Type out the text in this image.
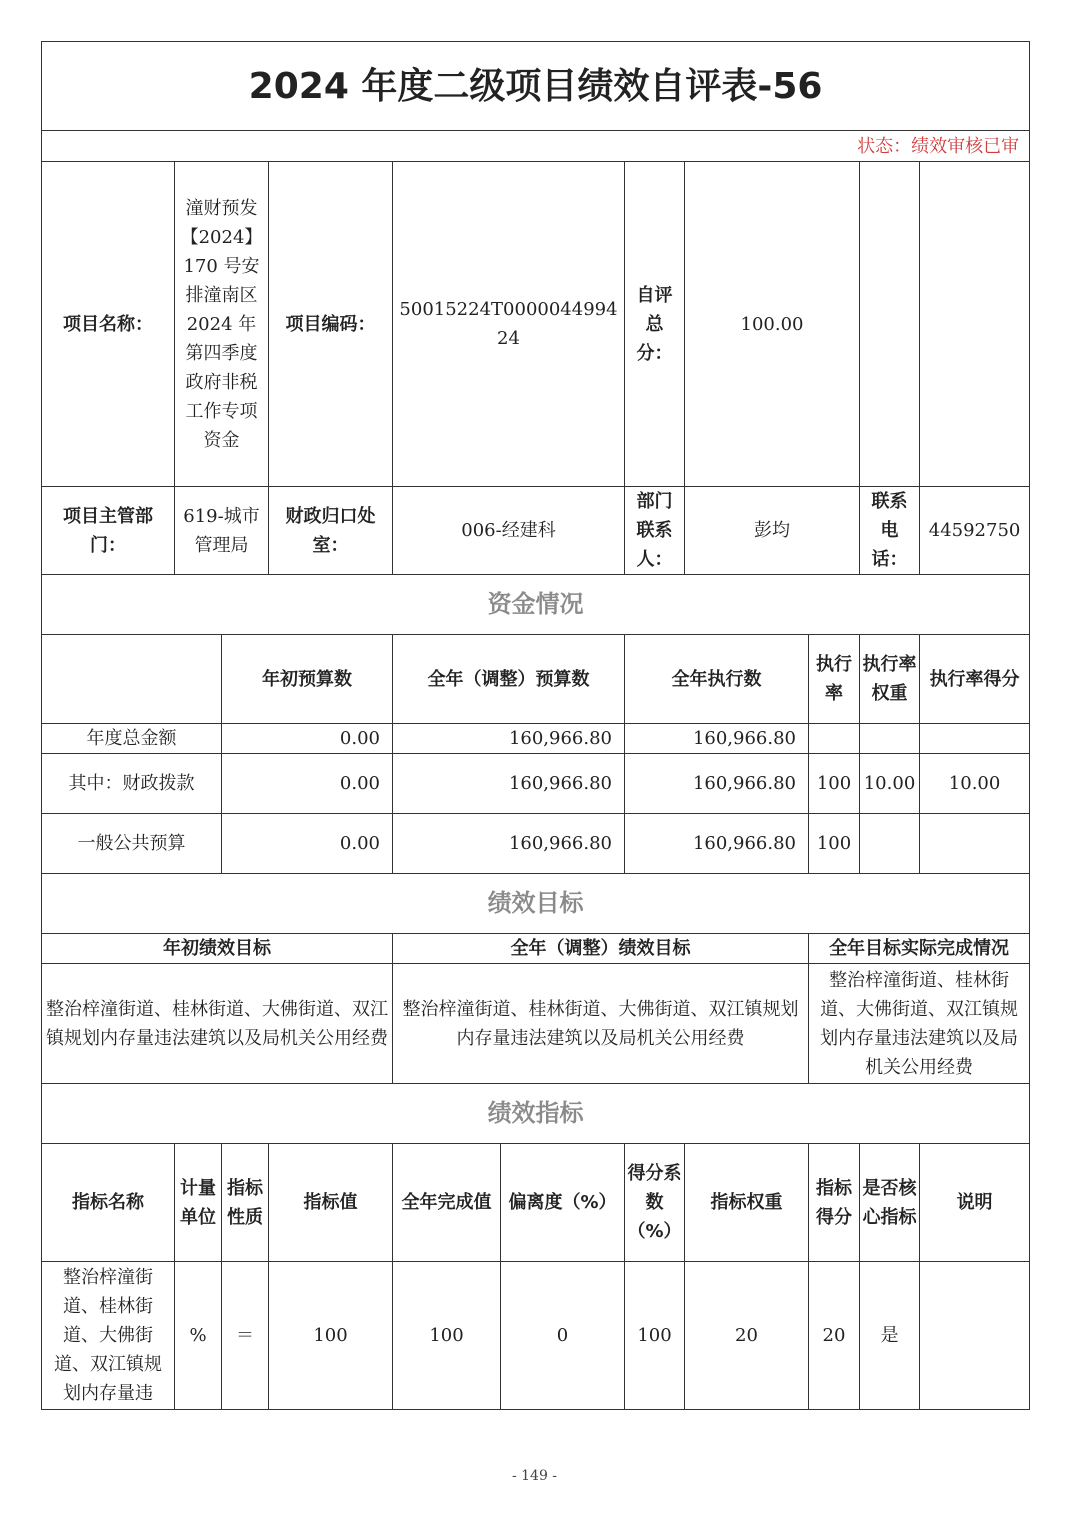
2024 年度二级项目绩效自评表-56										
状态：绩效审核已审										
项目名称：	潼财预发【2024】170 号安排潼南区 2024 年第四季度政府非税工作专项资金		项目编码：	50015224T000004499424		自评总分：	100.00			
项目主管部门：	619-城市管理局		财政归口处室：	006-经建科		部门联系人：	彭均		联系电话：	44592750
资金情况										
		年初预算数		全年（调整）预算数		全年执行数		执行率	执行率权重	执行率得分
年度总金额		0.00		160,966.80		160,966.80				
其中：财政拨款		0.00		160,966.80		160,966.80		100	10.00	10.00
一般公共预算		0.00		160,966.80		160,966.80		100		
绩效目标										
年初绩效目标				全年（调整）绩效目标				全年目标实际完成情况		
整治梓潼街道、桂林街道、大佛街道、双江镇规划内存量违法建筑以及局机关公用经费				整治梓潼街道、桂林街道、大佛街道、双江镇规划内存量违法建筑以及局机关公用经费				整治梓潼街道、桂林街道、大佛街道、双江镇规划内存量违法建筑以及局机关公用经费		
绩效指标										
指标名称	计量单位	指标性质	指标值	全年完成值	偏离度（%）	得分系数（%）	指标权重	指标得分	是否核心指标	说明
整治梓潼街道、桂林街道、大佛街道、双江镇规划内存量违	%	＝	100	100	0	100	20	20	是	
- 149 -
